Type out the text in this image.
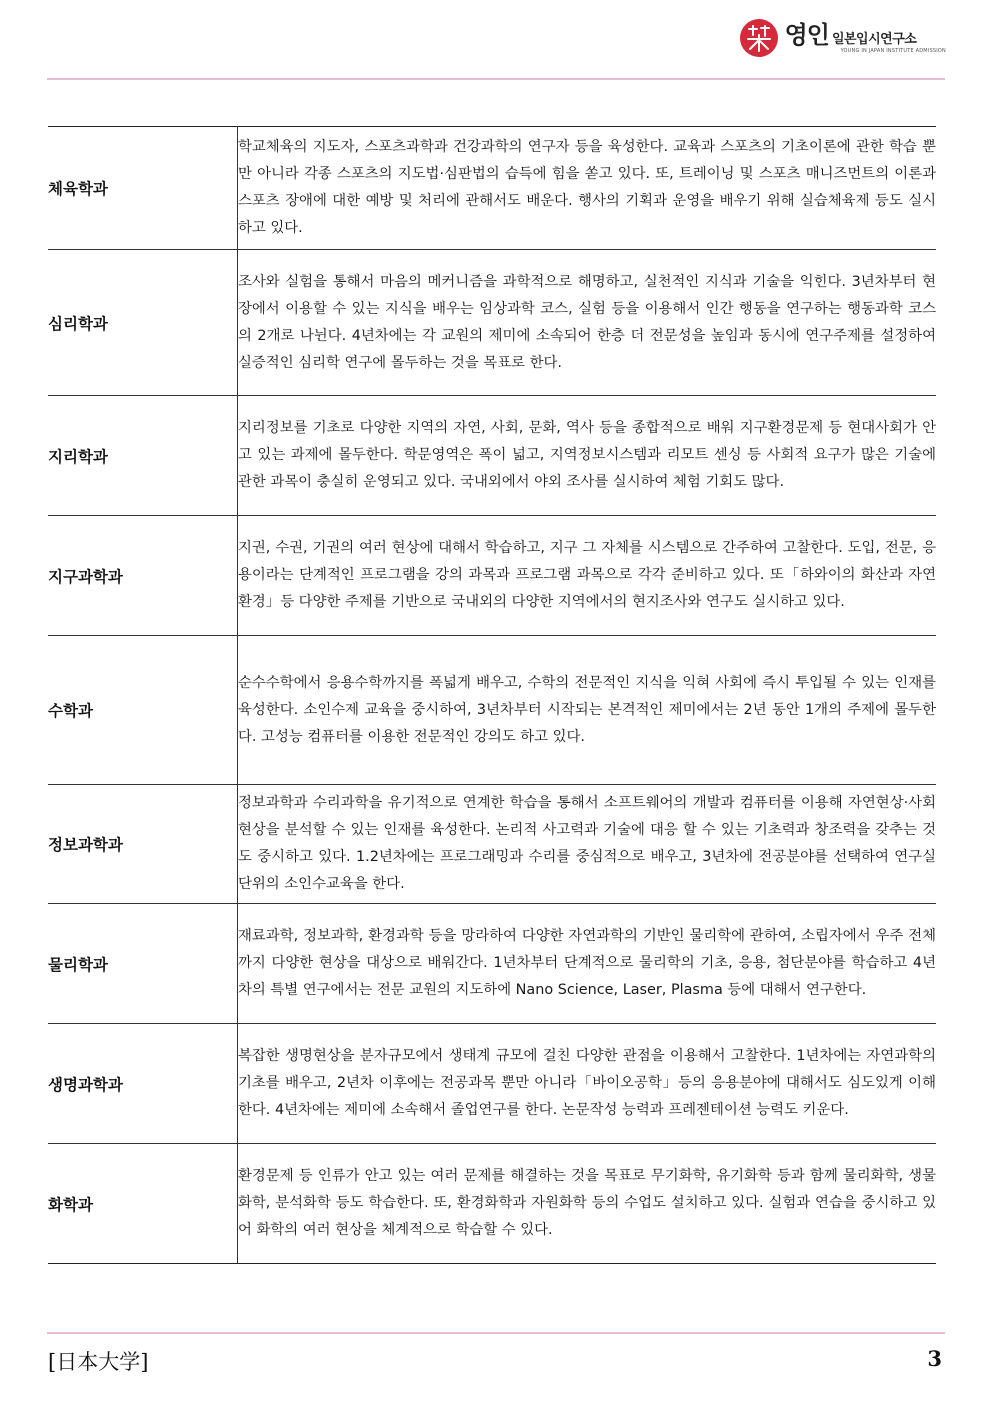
영인 일본입시연구소
YOUNG IN JAPAN INSTITUTE ADMISSION
체육학과	학교체육의 지도자, 스포츠과학과 건강과학의 연구자 등을 육성한다. 교육과 스포츠의 기초이론에 관한 학습 뿐만 아니라 각종 스포츠의 지도법·심판법의 습득에 힘을 쏟고 있다. 또, 트레이닝 및 스포츠 매니즈먼트의 이론과 스포츠 장애에 대한 예방 및 처리에 관해서도 배운다. 행사의 기획과 운영을 배우기 위해 실습체육제 등도 실시하고 있다.
심리학과	조사와 실험을 통해서 마음의 메커니즘을 과학적으로 해명하고, 실천적인 지식과 기술을 익힌다. 3년차부터 현장에서 이용할 수 있는 지식을 배우는 임상과학 코스, 실험 등을 이용해서 인간 행동을 연구하는 행동과학 코스의 2개로 나뉜다. 4년차에는 각 교원의 제미에 소속되어 한층 더 전문성을 높임과 동시에 연구주제를 설정하여 실증적인 심리학 연구에 몰두하는 것을 목표로 한다.
지리학과	지리정보를 기초로 다양한 지역의 자연, 사회, 문화, 역사 등을 종합적으로 배워 지구환경문제 등 현대사회가 안고 있는 과제에 몰두한다. 학문영역은 폭이 넓고, 지역정보시스템과 리모트 센싱 등 사회적 요구가 많은 기술에 관한 과목이 충실히 운영되고 있다. 국내외에서 야외 조사를 실시하여 체험 기회도 많다.
지구과학과	지권, 수권, 기권의 여러 현상에 대해서 학습하고, 지구 그 자체를 시스템으로 간주하여 고찰한다. 도입, 전문, 응용이라는 단계적인 프로그램을 강의 과목과 프로그램 과목으로 각각 준비하고 있다. 또「하와이의 화산과 자연환경」등 다양한 주제를 기반으로 국내외의 다양한 지역에서의 현지조사와 연구도 실시하고 있다.
수학과	순수수학에서 응용수학까지를 폭넓게 배우고, 수학의 전문적인 지식을 익혀 사회에 즉시 투입될 수 있는 인재를 육성한다. 소인수제 교육을 중시하여, 3년차부터 시작되는 본격적인 제미에서는 2년 동안 1개의 주제에 몰두한다. 고성능 컴퓨터를 이용한 전문적인 강의도 하고 있다.
정보과학과	정보과학과 수리과학을 유기적으로 연계한 학습을 통해서 소프트웨어의 개발과 컴퓨터를 이용해 자연현상·사회현상을 분석할 수 있는 인재를 육성한다. 논리적 사고력과 기술에 대응 할 수 있는 기초력과 창조력을 갖추는 것도 중시하고 있다. 1.2년차에는 프로그래밍과 수리를 중심적으로 배우고, 3년차에 전공분야를 선택하여 연구실 단위의 소인수교육을 한다.
물리학과	재료과학, 정보과학, 환경과학 등을 망라하여 다양한 자연과학의 기반인 물리학에 관하여, 소립자에서 우주 전체까지 다양한 현상을 대상으로 배워간다. 1년차부터 단계적으로 물리학의 기초, 응용, 첨단분야를 학습하고 4년차의 특별 연구에서는 전문 교원의 지도하에 Nano Science, Laser, Plasma 등에 대해서 연구한다.
생명과학과	복잡한 생명현상을 분자규모에서 생태계 규모에 걸친 다양한 관점을 이용해서 고찰한다. 1년차에는 자연과학의 기초를 배우고, 2년차 이후에는 전공과목 뿐만 아니라「바이오공학」등의 응용분야에 대해서도 심도있게 이해한다. 4년차에는 제미에 소속해서 졸업연구를 한다. 논문작성 능력과 프레젠테이션 능력도 키운다.
화학과	환경문제 등 인류가 안고 있는 여러 문제를 해결하는 것을 목표로 무기화학, 유기화학 등과 함께 물리화학, 생물화학, 분석화학 등도 학습한다. 또, 환경화학과 자원화학 등의 수업도 설치하고 있다. 실험과 연습을 중시하고 있어 화학의 여러 현상을 체계적으로 학습할 수 있다.
[日本大学]	3
